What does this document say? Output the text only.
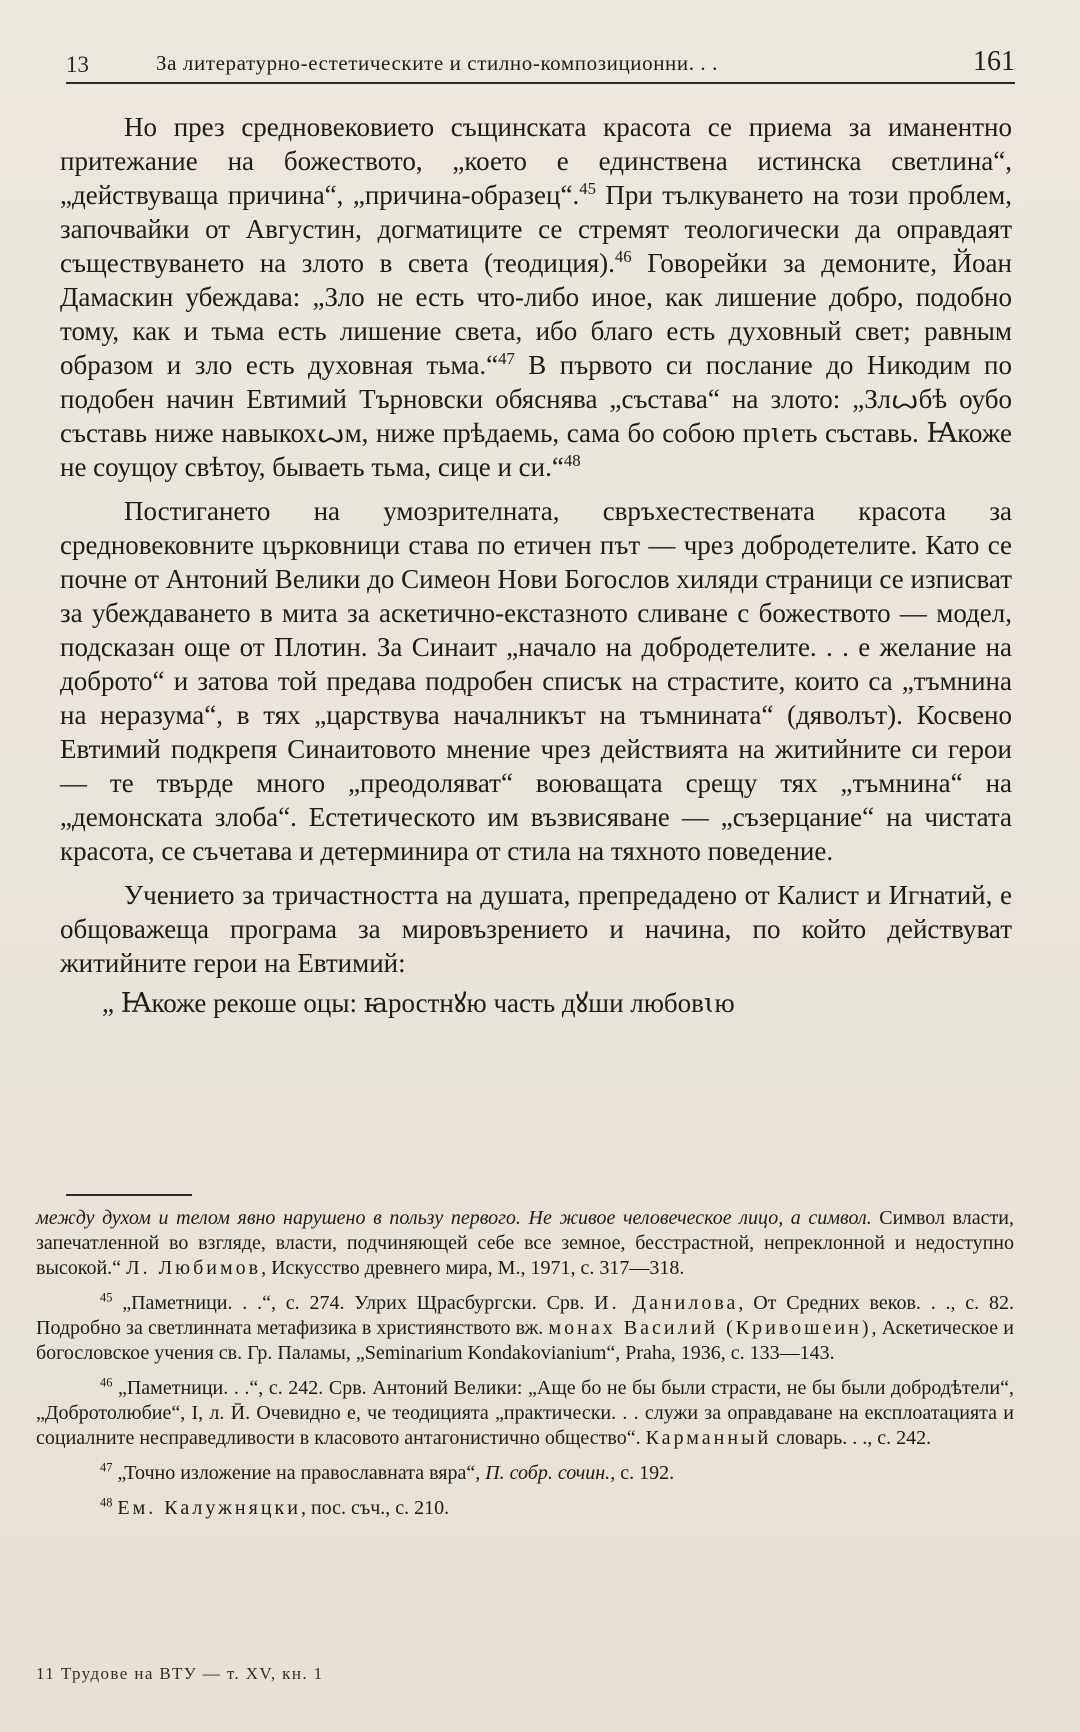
13	За литературно-естетическите и стилно-композиционни. . .	161

Но през средновековието същинската красота се приема за иманентно притежание на божеството, „което е единствена истинска светлина“, „действуваща причина“, „причина-образец“.$^{45}$ При тълкуването на този проблем, започвайки от Августин, догматиците се стремят теологически да оправдаят съществуването на злото в света (теодиция).$^{46}$ Говорейки за демоните, Йоан Дамаскин убеждава: „Зло не есть что-либо иное, как лишение добро, подобно тому, как и тьма есть лишение света, ибо благо есть духовный свет; равным образом и зло есть духовная тьма.“$^{47}$ В първото си послание до Никодим по подобен начин Евтимий Търновски обяснява „състава“ на злото: „Злꙍбѣ оубо съставь ниже навыкохꙍм, ниже прѣдаемь, сама бо собою прꙇеть съставь. Ꙗкоже не соущоу свѣтоу, бываеть тьма, сице и си.“$^{48}$

Постигането на умозрителната, свръхестествената красота за средновековните църковници става по етичен път — чрез добродетелите. Като се почне от Антоний Велики до Симеон Нови Богослов хиляди страници се изписват за убеждаването в мита за аскетично-екстазното сливане с божеството — модел, подсказан още от Плотин. За Синаит „начало на добродетелите. . . е желание на доброто“ и затова той предава подробен списък на страстите, които са „тъмнина на неразума“, в тях „царствува началникът на тъмнината“ (дяволът). Косвено Евтимий подкрепя Синаитовото мнение чрез действията на житийните си герои — те твърде много „преодоляват“ воюващата срещу тях „тъмнина“ на „демонската злоба“. Естетическото им възвисяване — „съзерцание“ на чистата красота, се съчетава и детерминира от стила на тяхното поведение.

Учението за тричастността на душата, препредадено от Калист и Игнатий, е общоважеща програма за мировъзрението и начина, по който действуват житийните герои на Евтимий:

„ Ꙗкоже рекоше оцы: ꙗростнꙋю часть дꙋши любовꙇю

между духом и телом явно нарушено в пользу первого. Не живое человеческое лицо, а символ. Символ власти, запечатленной во взгляде, власти, подчиняющей себе все земное, бесстрастной, непреклонной и недоступно высокой.“ Л. Любимов, Искусство древнего мира, М., 1971, с. 317—318.

$^{45}$ „Паметници. . .“, с. 274. Улрих Щрасбургски. Срв. И. Данилова, От Средних веков. . ., с. 82. Подробно за светлинната метафизика в християнството вж. монах Василий (Кривошеин), Аскетическое и богословское учения св. Гр. Паламы, „Seminarium Kondakovianium“, Praha, 1936, с. 133—143.

$^{46}$ „Паметници. . .“, с. 242. Срв. Антоний Велики: „Аще бо не бы были страсти, не бы были добродѣтели“, „Добротолюбие“, I, л. Ӣ. Очевидно е, че теодицията „практически. . . служи за оправдаване на експлоатацията и социалните несправедливости в класовото антагонистично общество“. Карманный словарь. . ., с. 242.

$^{47}$ „Точно изложение на православната вяра“, П. собр. сочин., с. 192.

$^{48}$ Ем. Калужняцки, пос. съч., с. 210.

11 Трудове на ВТУ — т. XV, кн. 1
